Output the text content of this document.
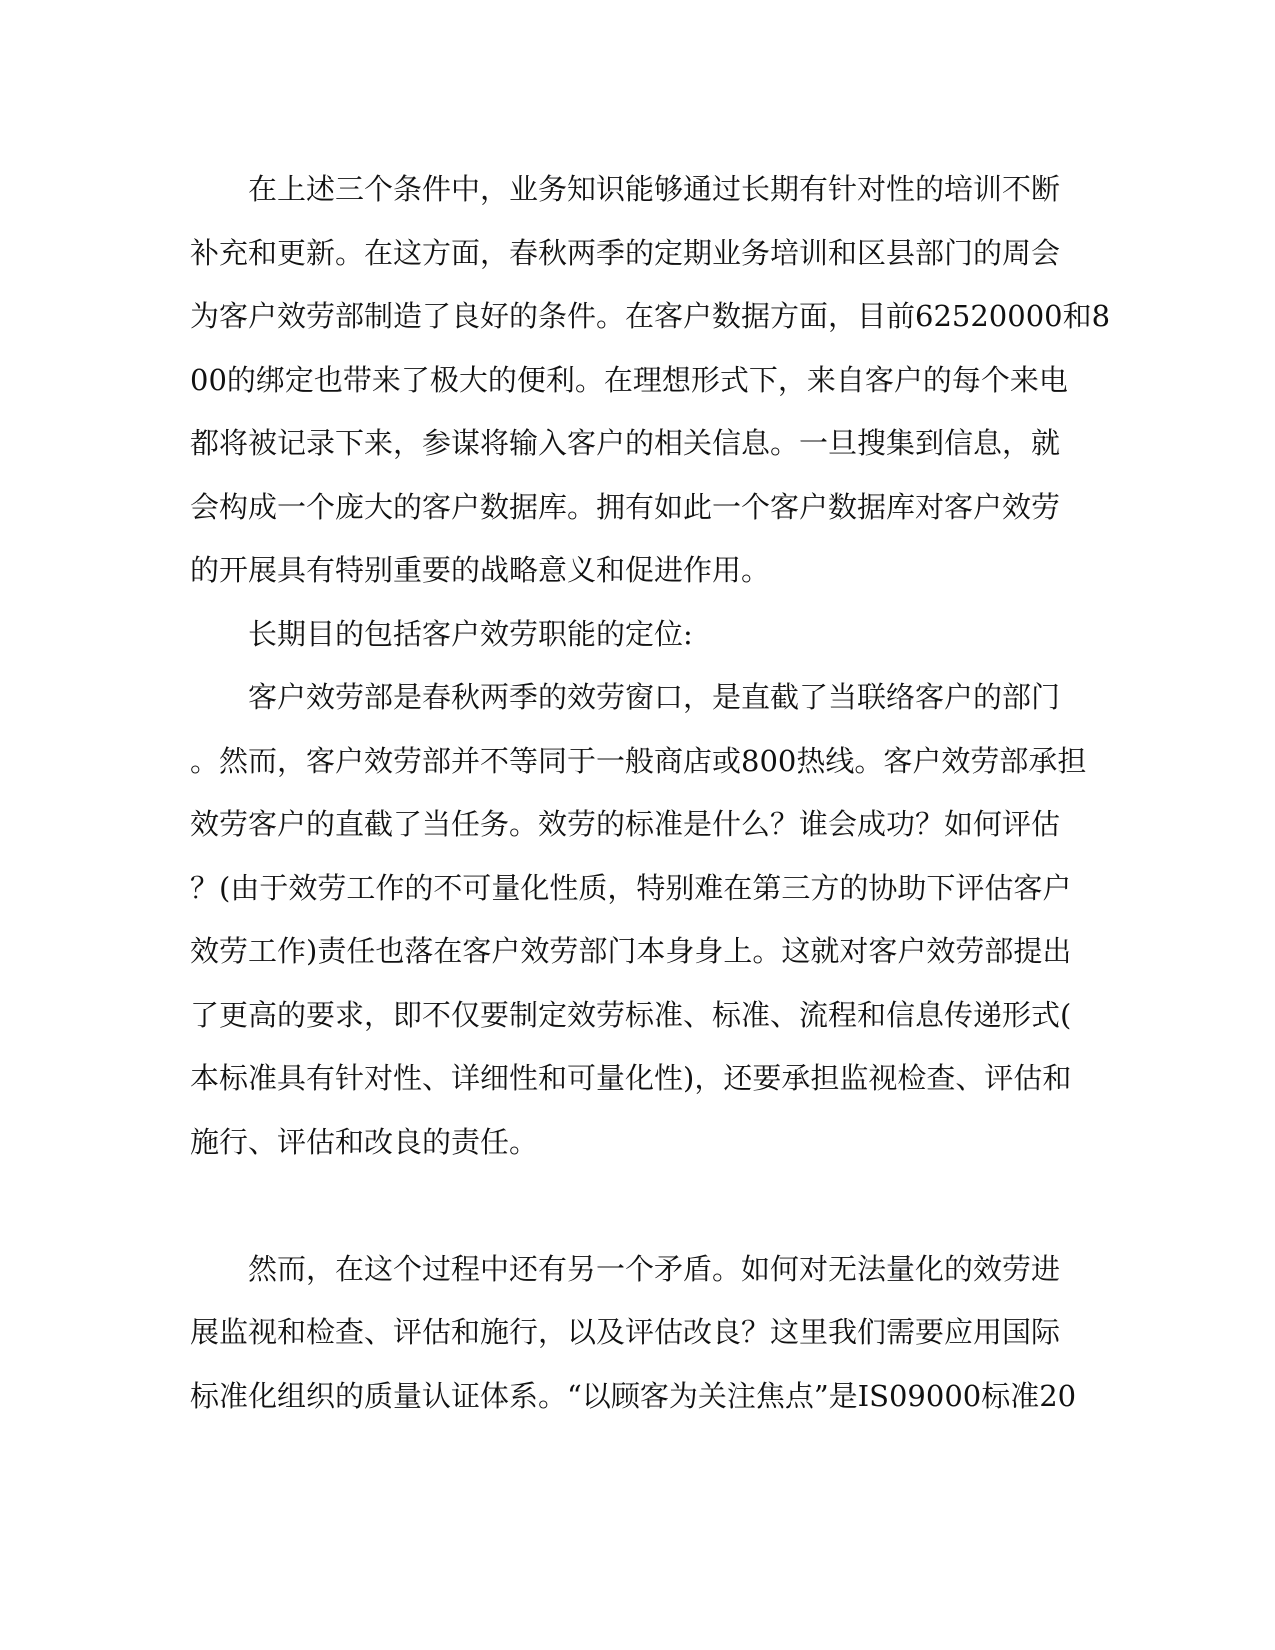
在上述三个条件中，业务知识能够通过长期有针对性的培训不断
补充和更新。在这方面，春秋两季的定期业务培训和区县部门的周会
为客户效劳部制造了良好的条件。在客户数据方面，目前62520000和8
00的绑定也带来了极大的便利。在理想形式下，来自客户的每个来电
都将被记录下来，参谋将输入客户的相关信息。一旦搜集到信息，就
会构成一个庞大的客户数据库。拥有如此一个客户数据库对客户效劳
的开展具有特别重要的战略意义和促进作用。
长期目的包括客户效劳职能的定位:
客户效劳部是春秋两季的效劳窗口，是直截了当联络客户的部门
。然而，客户效劳部并不等同于一般商店或800热线。客户效劳部承担
效劳客户的直截了当任务。效劳的标准是什么？谁会成功？如何评估
？(由于效劳工作的不可量化性质，特别难在第三方的协助下评估客户
效劳工作)责任也落在客户效劳部门本身身上。这就对客户效劳部提出
了更高的要求，即不仅要制定效劳标准、标准、流程和信息传递形式(
本标准具有针对性、详细性和可量化性)，还要承担监视检查、评估和
施行、评估和改良的责任。
然而，在这个过程中还有另一个矛盾。如何对无法量化的效劳进
展监视和检查、评估和施行，以及评估改良？这里我们需要应用国际
标准化组织的质量认证体系。“以顾客为关注焦点”是IS09000标准20
